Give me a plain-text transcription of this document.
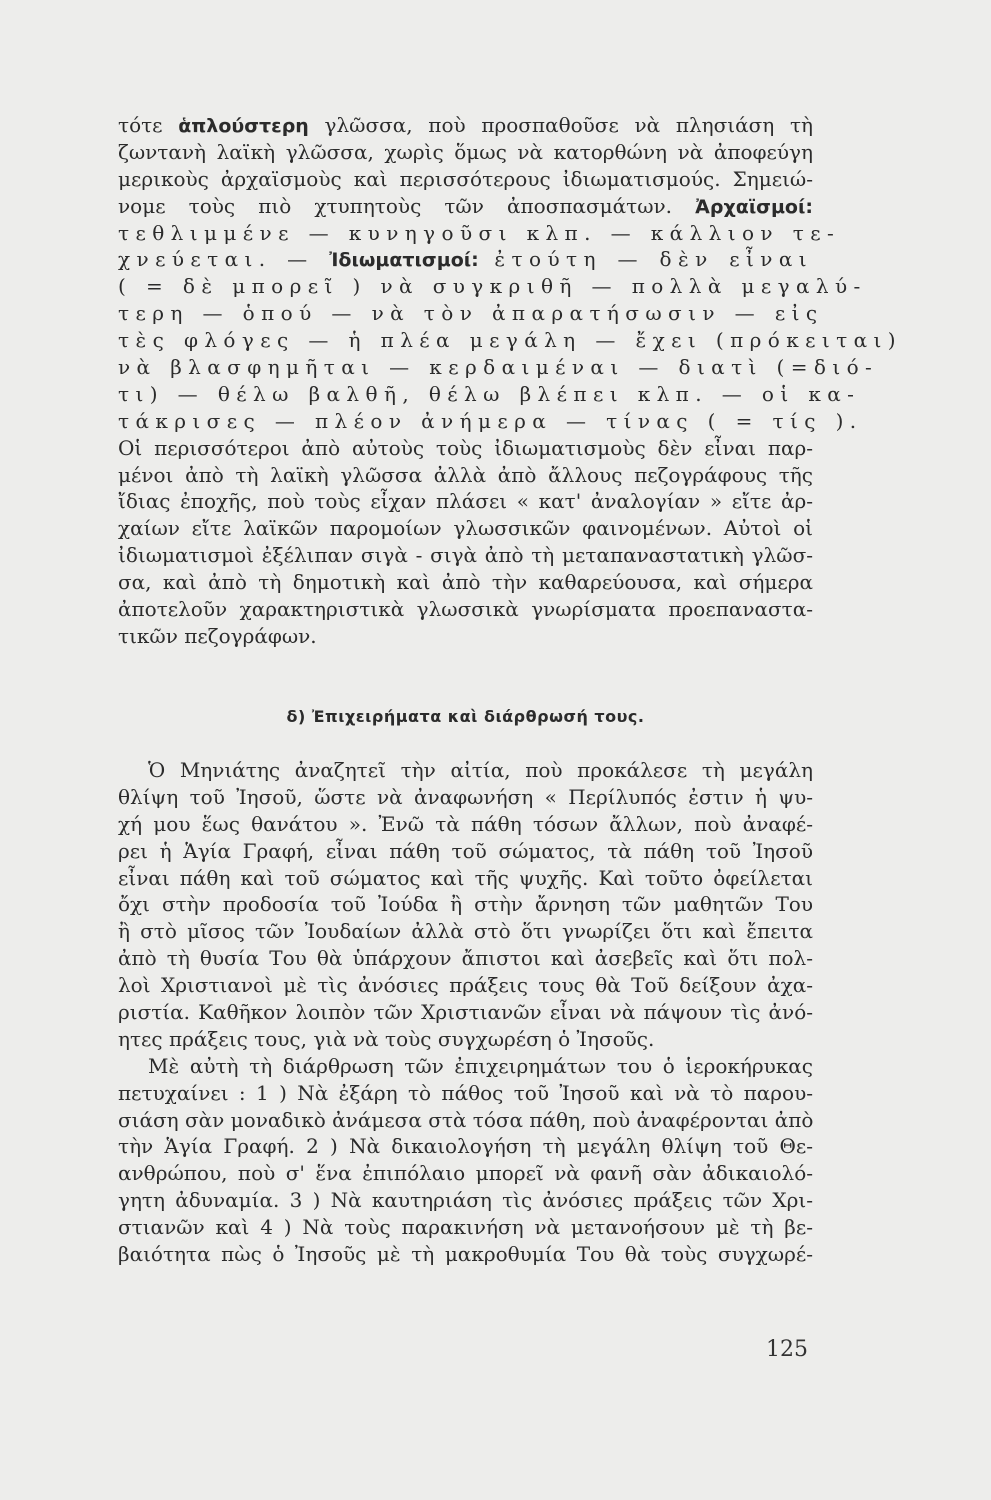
τότε ἁπλούστερη γλῶσσα, ποὺ προσπαθοῦσε νὰ πλησιάση τὴ
ζωντανὴ λαϊκὴ γλῶσσα, χωρὶς ὅμως νὰ κατορθώνη νὰ ἀποφεύγη
μερικοὺς ἀρχαϊσμοὺς καὶ περισσότερους ἰδιωματισμούς. Σημειώ-
νομε τοὺς πιὸ χτυπητοὺς τῶν ἀποσπασμάτων. Ἀρχαϊσμοί:
τεθλιμμένε — κυνηγοῦσι κλπ. — κάλλιον τε-
χνεύεται. — Ἰδιωματισμοί: ἐτούτη — δὲν εἶναι
( = δὲ μπορεῖ ) νὰ συγκριθῆ — πολλὰ μεγαλύ-
τερη — ὁπού — νὰ τὸν ἀπαρατήσωσιν — εἰς
τὲς φλόγες — ἡ πλέα μεγάλη — ἔχει (πρόκειται)
νὰ βλασφημῆται — κερδαιμέναι — διατὶ (=διό-
τι) — θέλω βαλθῆ, θέλω βλέπει κλπ. — οἱ κα-
τάκρισες — πλέον ἀνήμερα — τίνας ( = τίς ).
Οἱ περισσότεροι ἀπὸ αὐτοὺς τοὺς ἰδιωματισμοὺς δὲν εἶναι παρ-
μένοι ἀπὸ τὴ λαϊκὴ γλῶσσα ἀλλὰ ἀπὸ ἄλλους πεζογράφους τῆς
ἴδιας ἐποχῆς, ποὺ τοὺς εἶχαν πλάσει « κατ' ἀναλογίαν » εἴτε ἀρ-
χαίων εἴτε λαϊκῶν παρομοίων γλωσσικῶν φαινομένων. Αὐτοὶ οἱ
ἰδιωματισμοὶ ἐξέλιπαν σιγὰ - σιγὰ ἀπὸ τὴ μεταπαναστατικὴ γλῶσ-
σα, καὶ ἀπὸ τὴ δημοτικὴ καὶ ἀπὸ τὴν καθαρεύουσα, καὶ σήμερα
ἀποτελοῦν χαρακτηριστικὰ γλωσσικὰ γνωρίσματα προεπαναστα-
τικῶν πεζογράφων.
δ) Ἐπιχειρήματα καὶ διάρθρωσή τους.
Ὁ Μηνιάτης ἀναζητεῖ τὴν αἰτία, ποὺ προκάλεσε τὴ μεγάλη
θλίψη τοῦ Ἰησοῦ, ὥστε νὰ ἀναφωνήση « Περίλυπός ἐστιν ἡ ψυ-
χή μου ἕως θανάτου ». Ἐνῶ τὰ πάθη τόσων ἄλλων, ποὺ ἀναφέ-
ρει ἡ Ἁγία Γραφή, εἶναι πάθη τοῦ σώματος, τὰ πάθη τοῦ Ἰησοῦ
εἶναι πάθη καὶ τοῦ σώματος καὶ τῆς ψυχῆς. Καὶ τοῦτο ὀφείλεται
ὄχι στὴν προδοσία τοῦ Ἰούδα ἢ στὴν ἄρνηση τῶν μαθητῶν Του
ἢ στὸ μῖσος τῶν Ἰουδαίων ἀλλὰ στὸ ὅτι γνωρίζει ὅτι καὶ ἔπειτα
ἀπὸ τὴ θυσία Του θὰ ὑπάρχουν ἄπιστοι καὶ ἀσεβεῖς καὶ ὅτι πολ-
λοὶ Χριστιανοὶ μὲ τὶς ἀνόσιες πράξεις τους θὰ Τοῦ δείξουν ἀχα-
ριστία. Καθῆκον λοιπὸν τῶν Χριστιανῶν εἶναι νὰ πάψουν τὶς ἀνό-
ητες πράξεις τους, γιὰ νὰ τοὺς συγχωρέση ὁ Ἰησοῦς.
Μὲ αὐτὴ τὴ διάρθρωση τῶν ἐπιχειρημάτων του ὁ ἱεροκήρυκας
πετυχαίνει : 1 ) Νὰ ἐξάρη τὸ πάθος τοῦ Ἰησοῦ καὶ νὰ τὸ παρου-
σιάση σὰν μοναδικὸ ἀνάμεσα στὰ τόσα πάθη, ποὺ ἀναφέρονται ἀπὸ
τὴν Ἁγία Γραφή. 2 ) Νὰ δικαιολογήση τὴ μεγάλη θλίψη τοῦ Θε-
ανθρώπου, ποὺ σ' ἕνα ἐπιπόλαιο μπορεῖ νὰ φανῆ σὰν ἀδικαιολό-
γητη ἀδυναμία. 3 ) Νὰ καυτηριάση τὶς ἀνόσιες πράξεις τῶν Χρι-
στιανῶν καὶ 4 ) Νὰ τοὺς παρακινήση νὰ μετανοήσουν μὲ τὴ βε-
βαιότητα πὼς ὁ Ἰησοῦς μὲ τὴ μακροθυμία Του θὰ τοὺς συγχωρέ-
125
